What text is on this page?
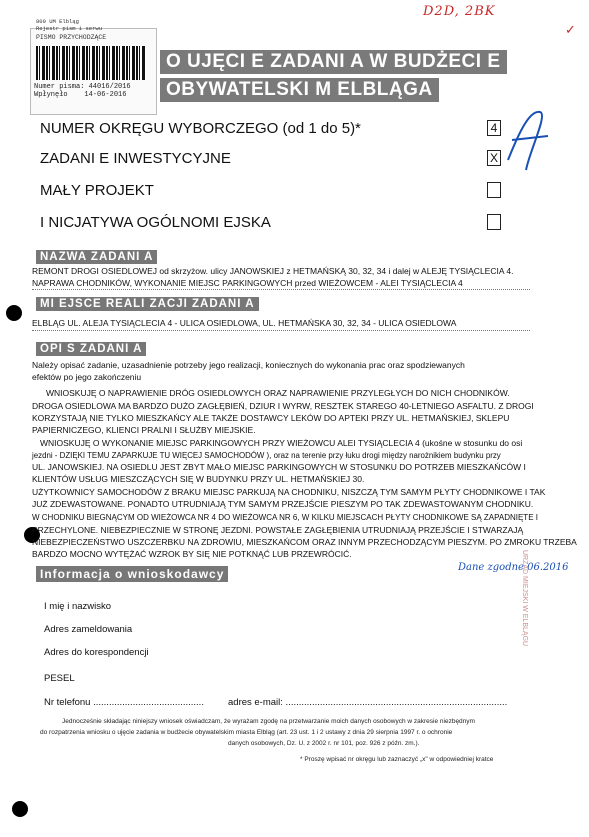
800 UM Elbląg
Rejestr pism i serwu
PISMO PRZYCHODZĄCE
Numer pisma: 44016/2016
Wpłynęło    14-06-2016
D2D, 2BK
✓
O UJĘCI E ZADANI A W BUDŻECI E
OBYWATELSKI M ELBLĄGA
NUMER OKRĘGU WYBORCZEGO (od 1 do 5)*	4
ZADANI E INWESTYCYJNE	X
MAŁY PROJEKT
I NICJATYWA OGÓLNOMI EJSKA
NAZWA ZADANI A
REMONT DROGI OSIEDLOWEJ od skrzyżow. ulicy JANOWSKIEJ z HETMAŃSKĄ 30, 32, 34 i dalej w ALEJĘ TYSIĄCLECIA 4.
NAPRAWA CHODNIKÓW, WYKONANIE MIEJSC PARKINGOWYCH przed WIEŻOWCEM - ALEI TYSIĄCLECIA 4
MI EJSCE REALI ZACJI ZADANI A
ELBLĄG UL. ALEJA TYSIĄCLECIA 4 - ULICA OSIEDLOWA, UL. HETMAŃSKA 30, 32, 34 - ULICA OSIEDLOWA
OPI S ZADANI A
Należy opisać zadanie, uzasadnienie potrzeby jego realizacji, koniecznych do wykonania prac oraz spodziewanych
efektów po jego zakończeniu
WNIOSKUJĘ O NAPRAWIENIE DRÓG OSIEDLOWYCH ORAZ NAPRAWIENIE PRZYLEGŁYCH DO NICH CHODNIKÓW.
DROGA OSIEDLOWA MA BARDZO DUŻO ZAGŁĘBIEŃ, DZIUR I WYRW, RESZTEK STAREGO 40-LETNIEGO ASFALTU. Z DROGI
KORZYSTAJĄ NIE TYLKO MIESZKAŃCY ALE TAKŻE DOSTAWCY LEKÓW DO APTEKI PRZY UL. HETMAŃSKIEJ, SKLEPU
PAPIERNICZEGO, KLIENCI PRALNI I SŁUŻBY MIEJSKIE.
WNIOSKUJĘ O WYKONANIE MIEJSC PARKINGOWYCH PRZY WIEŻOWCU ALEI TYSIĄCLECIA 4 (ukośne w stosunku do osi
jezdni - DZIĘKI TEMU ZAPARKUJE TU WIĘCEJ SAMOCHODÓW ), oraz na terenie przy łuku drogi między narożnikiem budynku przy
UL. JANOWSKIEJ. NA OSIEDLU JEST ZBYT MAŁO MIEJSC PARKINGOWYCH W STOSUNKU DO POTRZEB MIESZKAŃCÓW I
KLIENTÓW USŁUG MIESZCZĄCYCH SIĘ W BUDYNKU PRZY UL. HETMAŃSKIEJ 30.
UŻYTKOWNICY SAMOCHODÓW Z BRAKU MIEJSC PARKUJĄ NA CHODNIKU, NISZCZĄ TYM SAMYM PŁYTY CHODNIKOWE I TAK
JUŻ ZDEWASTOWANE. PONADTO UTRUDNIAJĄ TYM SAMYM PRZEJŚCIE PIESZYM PO TAK ZDEWASTOWANYM CHODNIKU.
W CHODNIKU BIEGNĄCYM OD WIEŻOWCA NR 4 DO WIEŻOWCA NR 6, W KILKU MIEJSCACH PŁYTY CHODNIKOWE SĄ ZAPADNIĘTE I
PRZECHYLONE. NIEBEZPIECZNIE W STRONĘ JEZDNI. POWSTAŁE ZAGŁĘBIENIA UTRUDNIAJĄ PRZEJŚCIE I STWARZAJĄ
NIEBEZPIECZEŃSTWO USZCZERBKU NA ZDROWIU, MIESZKAŃCOM ORAZ INNYM PRZECHODZĄCYM PIESZYM. PO ZMROKU TRZEBA
BARDZO MOCNO WYTĘŻAĆ WZROK BY SIĘ NIE POTKNĄĆ LUB PRZEWRÓCIĆ.
Informacja o wnioskodawcy	Dane zgodne 06.2016
URZĄD MIEJSKI W ELBLĄGU
I mię i nazwisko
Adres zameldowania
Adres do korespondencji
PESEL
Nr telefonu ..........................................	adres e-mail: ....................................................................................
Jednocześnie składając niniejszy wniosek oświadczam, że wyrażam zgodę na przetwarzanie moich danych osobowych w zakresie niezbędnym
do rozpatrzenia wniosku o ujęcie zadania w budżecie obywatelskim miasta Elbląg (art. 23 ust. 1 i 2 ustawy z dnia 29 sierpnia 1997 r. o ochronie
danych osobowych, Dz. U. z 2002 r. nr 101, poz. 926 z późn. zm.).
* Proszę wpisać nr okręgu lub zaznaczyć „x" w odpowiedniej kratce
